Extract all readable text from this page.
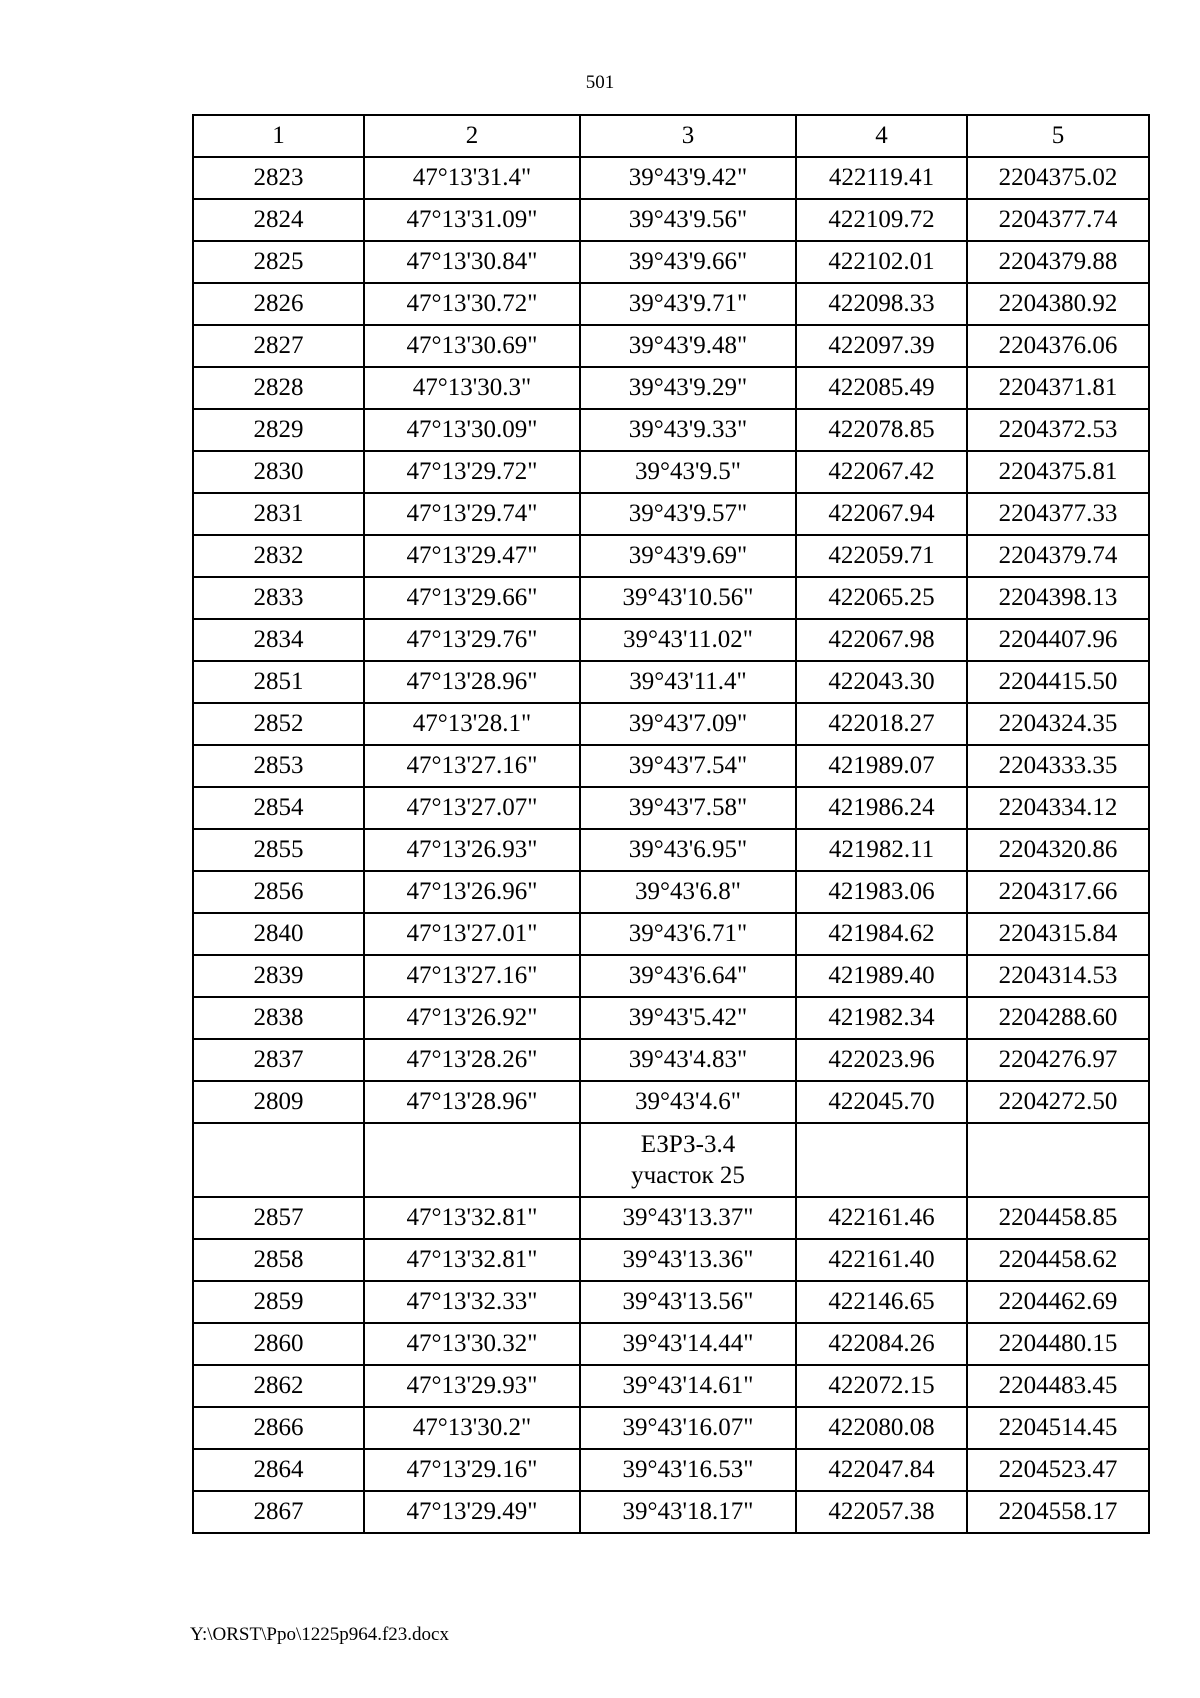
501
1	2	3	4	5
2823	47°13'31.4"	39°43'9.42"	422119.41	2204375.02
2824	47°13'31.09"	39°43'9.56"	422109.72	2204377.74
2825	47°13'30.84"	39°43'9.66"	422102.01	2204379.88
2826	47°13'30.72"	39°43'9.71"	422098.33	2204380.92
2827	47°13'30.69"	39°43'9.48"	422097.39	2204376.06
2828	47°13'30.3"	39°43'9.29"	422085.49	2204371.81
2829	47°13'30.09"	39°43'9.33"	422078.85	2204372.53
2830	47°13'29.72"	39°43'9.5"	422067.42	2204375.81
2831	47°13'29.74"	39°43'9.57"	422067.94	2204377.33
2832	47°13'29.47"	39°43'9.69"	422059.71	2204379.74
2833	47°13'29.66"	39°43'10.56"	422065.25	2204398.13
2834	47°13'29.76"	39°43'11.02"	422067.98	2204407.96
2851	47°13'28.96"	39°43'11.4"	422043.30	2204415.50
2852	47°13'28.1"	39°43'7.09"	422018.27	2204324.35
2853	47°13'27.16"	39°43'7.54"	421989.07	2204333.35
2854	47°13'27.07"	39°43'7.58"	421986.24	2204334.12
2855	47°13'26.93"	39°43'6.95"	421982.11	2204320.86
2856	47°13'26.96"	39°43'6.8"	421983.06	2204317.66
2840	47°13'27.01"	39°43'6.71"	421984.62	2204315.84
2839	47°13'27.16"	39°43'6.64"	421989.40	2204314.53
2838	47°13'26.92"	39°43'5.42"	421982.34	2204288.60
2837	47°13'28.26"	39°43'4.83"	422023.96	2204276.97
2809	47°13'28.96"	39°43'4.6"	422045.70	2204272.50

		ЕЗРЗ-3.4
участок 25		

2857	47°13'32.81"	39°43'13.37"	422161.46	2204458.85
2858	47°13'32.81"	39°43'13.36"	422161.40	2204458.62
2859	47°13'32.33"	39°43'13.56"	422146.65	2204462.69
2860	47°13'30.32"	39°43'14.44"	422084.26	2204480.15
2862	47°13'29.93"	39°43'14.61"	422072.15	2204483.45
2866	47°13'30.2"	39°43'16.07"	422080.08	2204514.45
2864	47°13'29.16"	39°43'16.53"	422047.84	2204523.47
2867	47°13'29.49"	39°43'18.17"	422057.38	2204558.17
Y:\ORST\Ppo\1225p964.f23.docx
